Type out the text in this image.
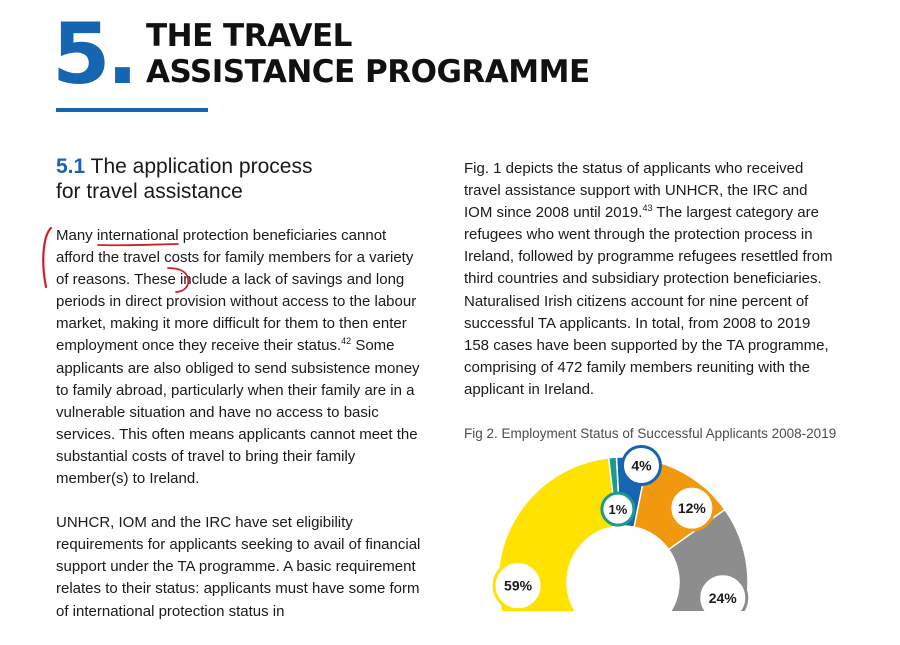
5. THE TRAVEL
ASSISTANCE PROGRAMME
5.1 The application process
for travel assistance

Many international protection beneficiaries cannot afford the travel costs for family members for a variety of reasons. These include a lack of savings and long periods in direct provision without access to the labour market, making it more difficult for them to then enter employment once they receive their status.$^{42}$ Some applicants are also obliged to send subsistence money to family abroad, particularly when their family are in a vulnerable situation and have no access to basic services. This often means applicants cannot meet the substantial costs of travel to bring their family member(s) to Ireland.

UNHCR, IOM and the IRC have set eligibility requirements for applicants seeking to avail of financial support under the TA programme. A basic requirement relates to their status: applicants must have some form of international protection status in

Fig. 1 depicts the status of applicants who received travel assistance support with UNHCR, the IRC and IOM since 2008 until 2019.43 The largest category are refugees who went through the protection process in Ireland, followed by programme refugees resettled from third countries and subsidiary protection beneficiaries. Naturalised Irish citizens account for nine percent of successful TA applicants. In total, from 2008 to 2019 158 cases have been supported by the TA programme, comprising of 472 family members reuniting with the applicant in Ireland.

Fig 2. Employment Status of Successful Applicants 2008-2019

4%
12%
24%
59%
1%
